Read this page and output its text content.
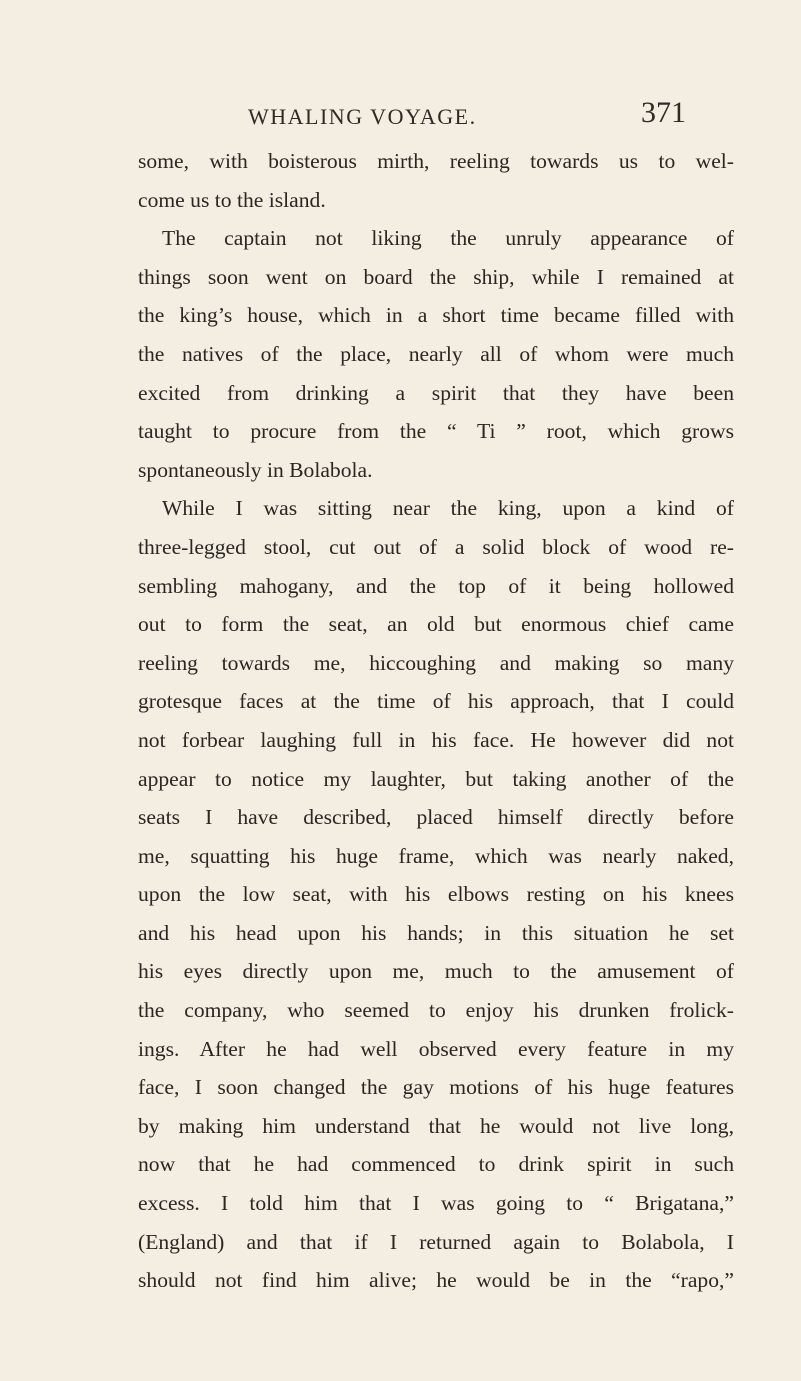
WHALING VOYAGE.	371
some, with boisterous mirth, reeling towards us to wel-
come us to the island.
The captain not liking the unruly appearance of
things soon went on board the ship, while I remained at
the king’s house, which in a short time became filled with
the natives of the place, nearly all of whom were much
excited from drinking a spirit that they have been
taught to procure from the “ Ti ” root, which grows
spontaneously in Bolabola.
While I was sitting near the king, upon a kind of
three-legged stool, cut out of a solid block of wood re-
sembling mahogany, and the top of it being hollowed
out to form the seat, an old but enormous chief came
reeling towards me, hiccoughing and making so many
grotesque faces at the time of his approach, that I could
not forbear laughing full in his face. He however did not
appear to notice my laughter, but taking another of the
seats I have described, placed himself directly before
me, squatting his huge frame, which was nearly naked,
upon the low seat, with his elbows resting on his knees
and his head upon his hands; in this situation he set
his eyes directly upon me, much to the amusement of
the company, who seemed to enjoy his drunken frolick-
ings. After he had well observed every feature in my
face, I soon changed the gay motions of his huge features
by making him understand that he would not live long,
now that he had commenced to drink spirit in such
excess. I told him that I was going to “ Brigatana,”
(England) and that if I returned again to Bolabola, I
should not find him alive; he would be in the “rapo,”
